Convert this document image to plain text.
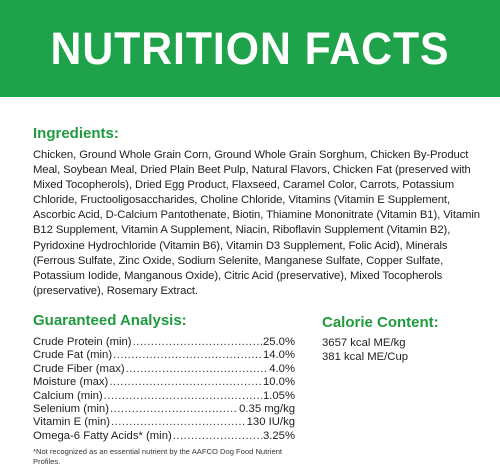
NUTRITION FACTS
Ingredients:
Chicken, Ground Whole Grain Corn, Ground Whole Grain Sorghum, Chicken By-Product Meal, Soybean Meal, Dried Plain Beet Pulp, Natural Flavors, Chicken Fat (preserved with Mixed Tocopherols), Dried Egg Product, Flaxseed, Caramel Color, Carrots, Potassium Chloride, Fructooligosaccharides, Choline Chloride, Vitamins (Vitamin E Supplement, Ascorbic Acid, D-Calcium Pantothenate, Biotin, Thiamine Mononitrate (Vitamin B1), Vitamin B12 Supplement, Vitamin A Supplement, Niacin, Riboflavin Supplement (Vitamin B2), Pyridoxine Hydrochloride (Vitamin B6), Vitamin D3 Supplement, Folic Acid), Minerals (Ferrous Sulfate, Zinc Oxide, Sodium Selenite, Manganese Sulfate, Copper Sulfate, Potassium Iodide, Manganous Oxide), Citric Acid (preservative), Mixed Tocopherols (preservative), Rosemary Extract.
Guaranteed Analysis:
Crude Protein (min) .....	25.0%
Crude Fat (min) .....	14.0%
Crude Fiber (max) .....	4.0%
Moisture (max) .....	10.0%
Calcium (min) .....	1.05%
Selenium (min) .....	0.35 mg/kg
Vitamin E (min) .....	130 IU/kg
Omega-6 Fatty Acids* (min) .....	3.25%
*Not recognized as an essential nutrient by the AAFCO Dog Food Nutrient Profiles.
Calorie Content:
3657 kcal ME/kg
381 kcal ME/Cup
